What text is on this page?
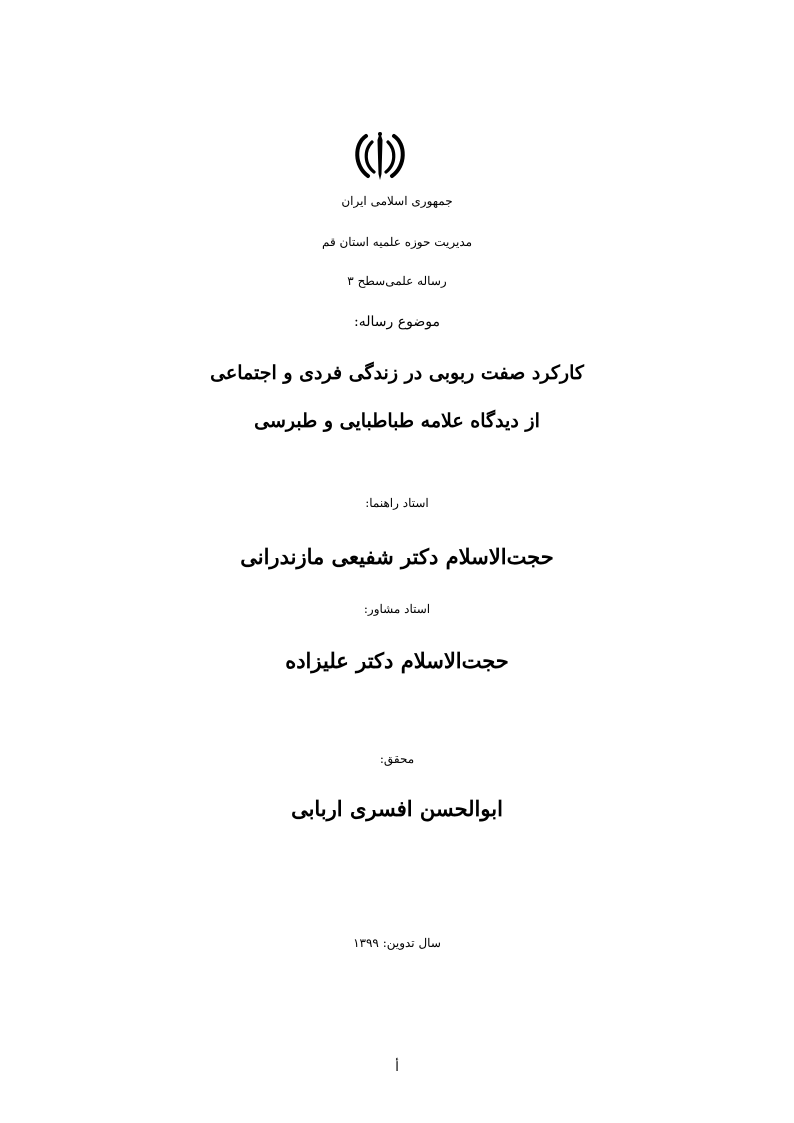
جمهوری اسلامی ایران
مدیریت حوزه علمیه استان قم
رساله علمی‌سطح ۳
موضوع رساله:
کارکرد صفت ربوبی در زندگی فردی و اجتماعی
از دیدگاه علامه طباطبایی و طبرسی
استاد راهنما:
حجت‌الاسلام دکتر شفیعی مازندرانی
استاد مشاور:
حجت‌الاسلام دکتر علیزاده
محقق:
ابوالحسن افسری اربابی
سال تدوین: ۱۳۹۹
أ
